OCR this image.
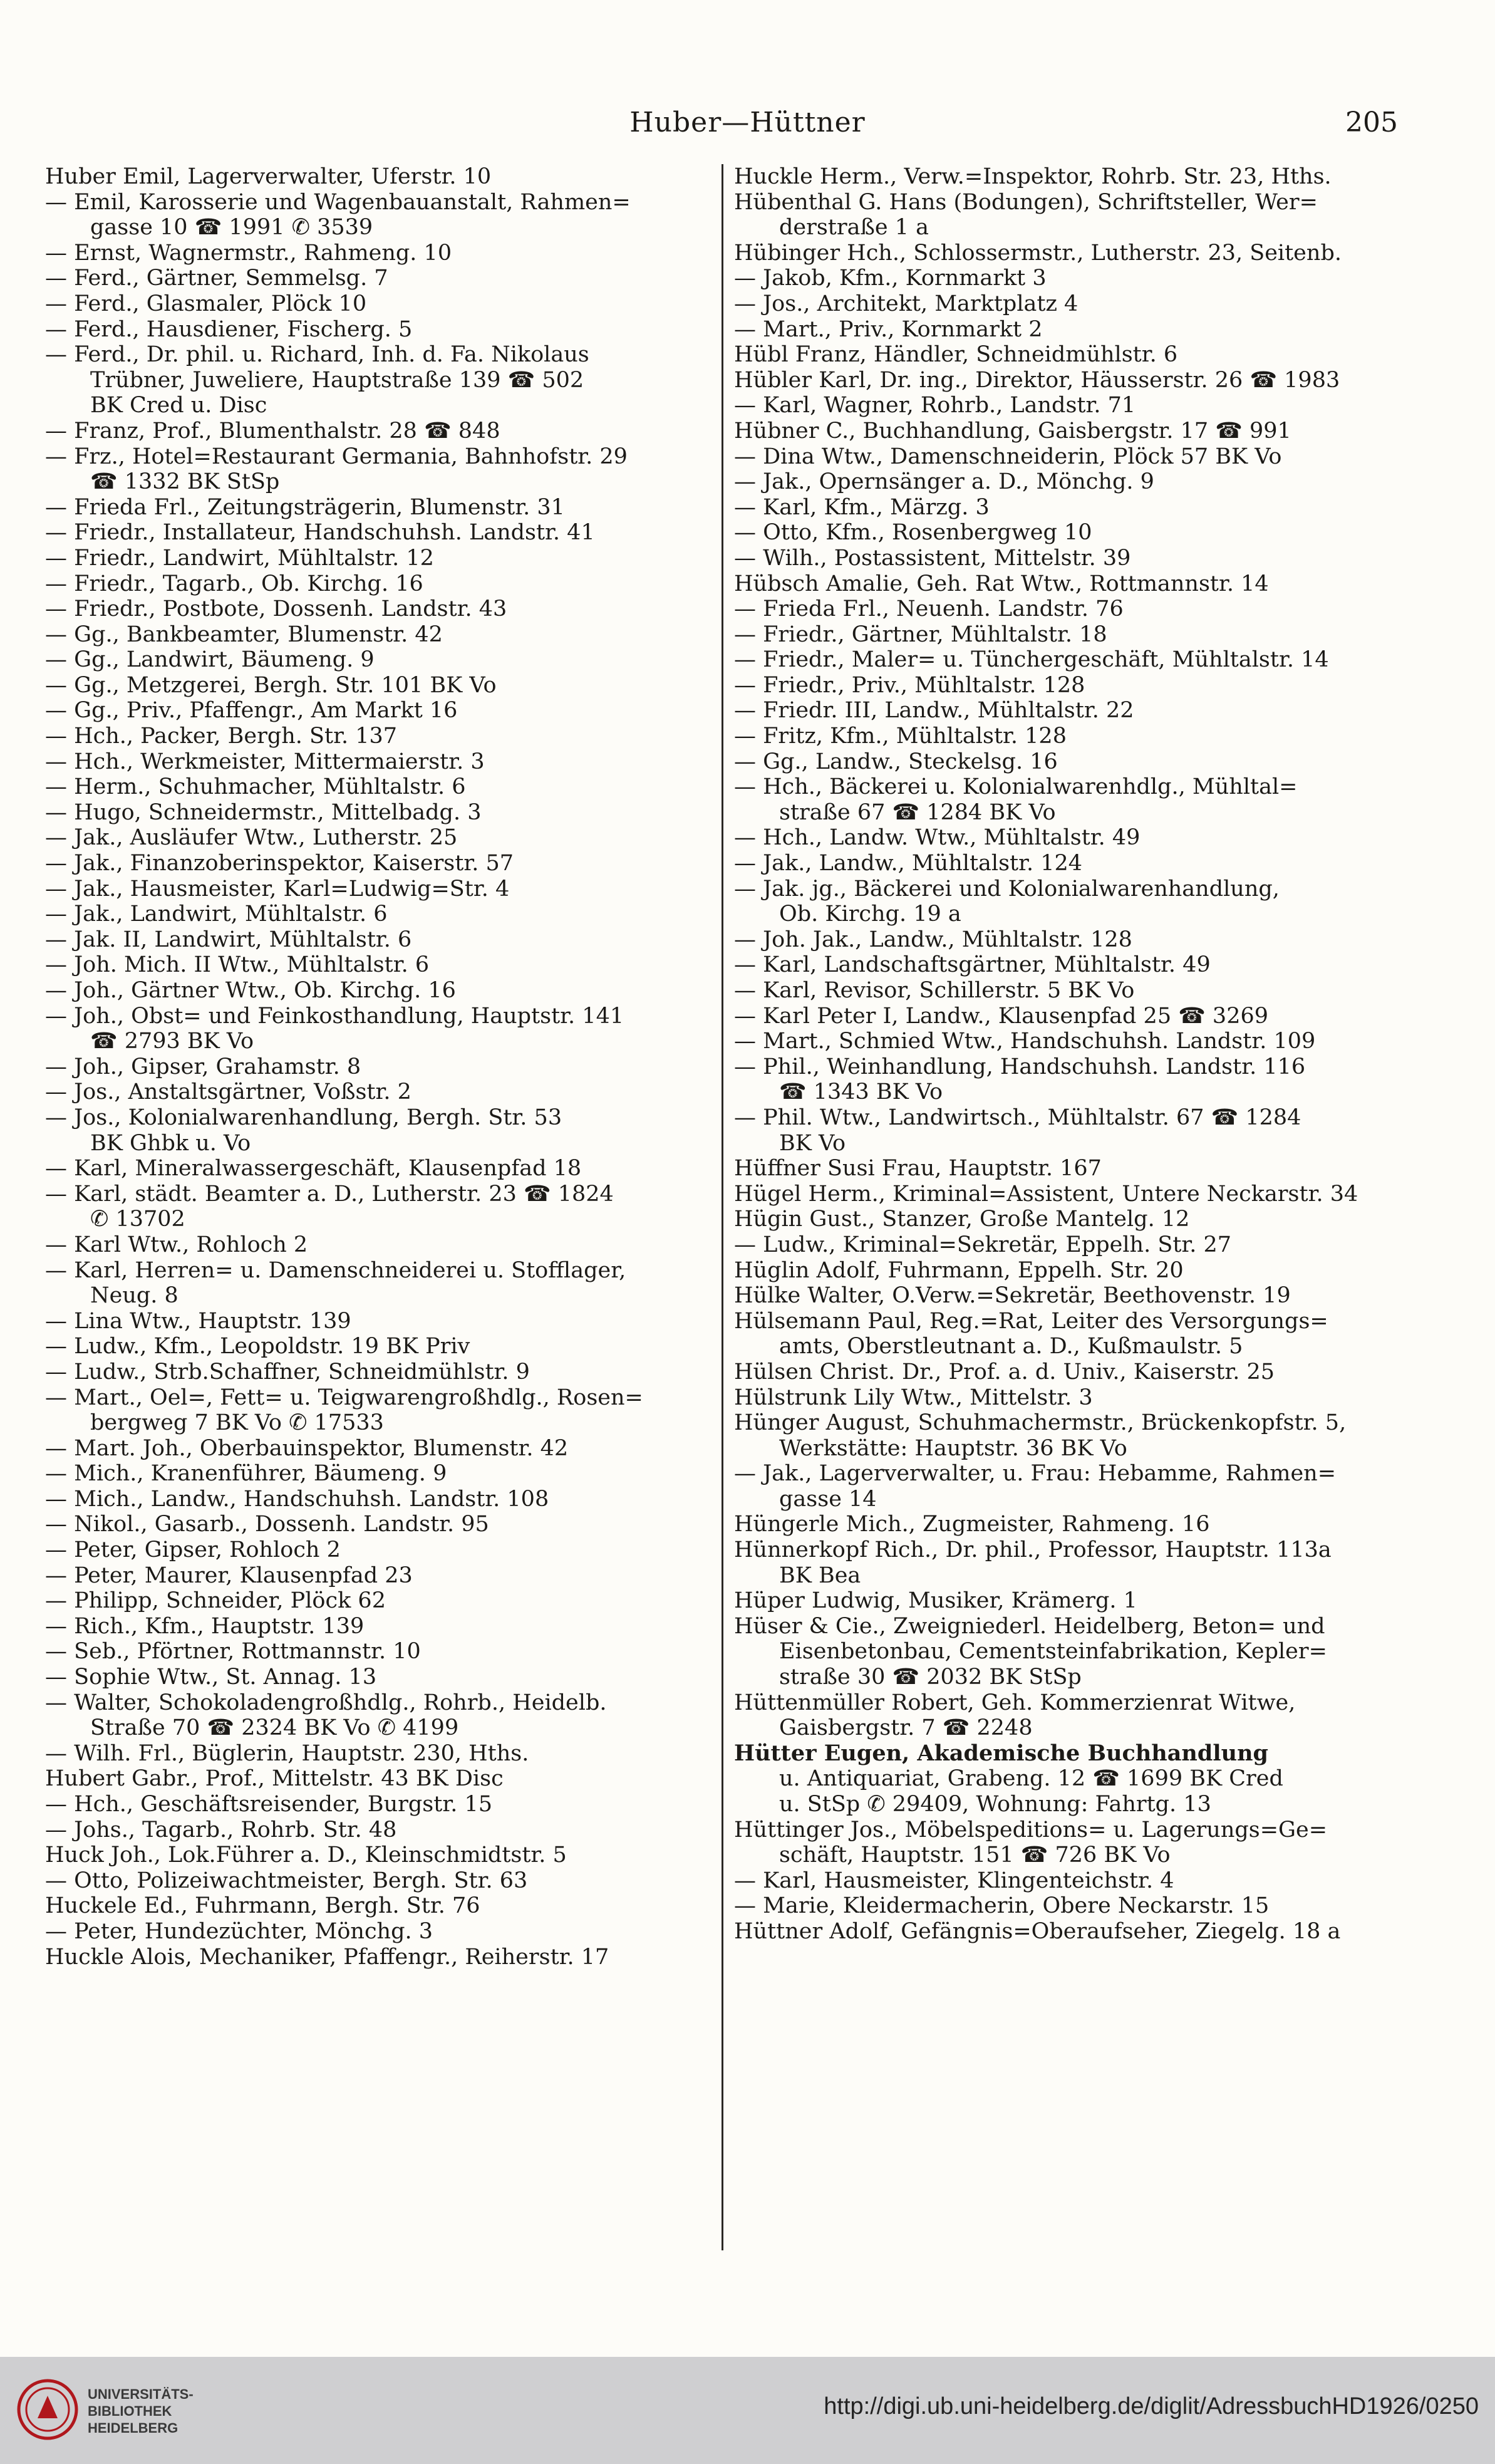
Huber—Hüttner	205
Huber Emil, Lagerverwalter, Uferstr. 10
— Emil, Karosserie und Wagenbauanstalt, Rahmen=
gasse 10 ☎ 1991 ✆ 3539
— Ernst, Wagnermstr., Rahmeng. 10
— Ferd., Gärtner, Semmelsg. 7
— Ferd., Glasmaler, Plöck 10
— Ferd., Hausdiener, Fischerg. 5
— Ferd., Dr. phil. u. Richard, Inh. d. Fa. Nikolaus
Trübner, Juweliere, Hauptstraße 139 ☎ 502
BK Cred u. Disc
— Franz, Prof., Blumenthalstr. 28 ☎ 848
— Frz., Hotel=Restaurant Germania, Bahnhofstr. 29
☎ 1332 BK StSp
— Frieda Frl., Zeitungsträgerin, Blumenstr. 31
— Friedr., Installateur, Handschuhsh. Landstr. 41
— Friedr., Landwirt, Mühltalstr. 12
— Friedr., Tagarb., Ob. Kirchg. 16
— Friedr., Postbote, Dossenh. Landstr. 43
— Gg., Bankbeamter, Blumenstr. 42
— Gg., Landwirt, Bäumeng. 9
— Gg., Metzgerei, Bergh. Str. 101 BK Vo
— Gg., Priv., Pfaffengr., Am Markt 16
— Hch., Packer, Bergh. Str. 137
— Hch., Werkmeister, Mittermaierstr. 3
— Herm., Schuhmacher, Mühltalstr. 6
— Hugo, Schneidermstr., Mittelbadg. 3
— Jak., Ausläufer Wtw., Lutherstr. 25
— Jak., Finanzoberinspektor, Kaiserstr. 57
— Jak., Hausmeister, Karl=Ludwig=Str. 4
— Jak., Landwirt, Mühltalstr. 6
— Jak. II, Landwirt, Mühltalstr. 6
— Joh. Mich. II Wtw., Mühltalstr. 6
— Joh., Gärtner Wtw., Ob. Kirchg. 16
— Joh., Obst= und Feinkosthandlung, Hauptstr. 141
☎ 2793 BK Vo
— Joh., Gipser, Grahamstr. 8
— Jos., Anstaltsgärtner, Voßstr. 2
— Jos., Kolonialwarenhandlung, Bergh. Str. 53
BK Ghbk u. Vo
— Karl, Mineralwassergeschäft, Klausenpfad 18
— Karl, städt. Beamter a. D., Lutherstr. 23 ☎ 1824
✆ 13702
— Karl Wtw., Rohloch 2
— Karl, Herren= u. Damenschneiderei u. Stofflager,
Neug. 8
— Lina Wtw., Hauptstr. 139
— Ludw., Kfm., Leopoldstr. 19 BK Priv
— Ludw., Strb.Schaffner, Schneidmühlstr. 9
— Mart., Oel=, Fett= u. Teigwarengroßhdlg., Rosen=
bergweg 7 BK Vo ✆ 17533
— Mart. Joh., Oberbauinspektor, Blumenstr. 42
— Mich., Kranenführer, Bäumeng. 9
— Mich., Landw., Handschuhsh. Landstr. 108
— Nikol., Gasarb., Dossenh. Landstr. 95
— Peter, Gipser, Rohloch 2
— Peter, Maurer, Klausenpfad 23
— Philipp, Schneider, Plöck 62
— Rich., Kfm., Hauptstr. 139
— Seb., Pförtner, Rottmannstr. 10
— Sophie Wtw., St. Annag. 13
— Walter, Schokoladengroßhdlg., Rohrb., Heidelb.
Straße 70 ☎ 2324 BK Vo ✆ 4199
— Wilh. Frl., Büglerin, Hauptstr. 230, Hths.
Hubert Gabr., Prof., Mittelstr. 43 BK Disc
— Hch., Geschäftsreisender, Burgstr. 15
— Johs., Tagarb., Rohrb. Str. 48
Huck Joh., Lok.Führer a. D., Kleinschmidtstr. 5
— Otto, Polizeiwachtmeister, Bergh. Str. 63
Huckele Ed., Fuhrmann, Bergh. Str. 76
— Peter, Hundezüchter, Mönchg. 3
Huckle Alois, Mechaniker, Pfaffengr., Reiherstr. 17
Huckle Herm., Verw.=Inspektor, Rohrb. Str. 23, Hths.
Hübenthal G. Hans (Bodungen), Schriftsteller, Wer=
derstraße 1 a
Hübinger Hch., Schlossermstr., Lutherstr. 23, Seitenb.
— Jakob, Kfm., Kornmarkt 3
— Jos., Architekt, Marktplatz 4
— Mart., Priv., Kornmarkt 2
Hübl Franz, Händler, Schneidmühlstr. 6
Hübler Karl, Dr. ing., Direktor, Häusserstr. 26 ☎ 1983
— Karl, Wagner, Rohrb., Landstr. 71
Hübner C., Buchhandlung, Gaisbergstr. 17 ☎ 991
— Dina Wtw., Damenschneiderin, Plöck 57 BK Vo
— Jak., Opernsänger a. D., Mönchg. 9
— Karl, Kfm., Märzg. 3
— Otto, Kfm., Rosenbergweg 10
— Wilh., Postassistent, Mittelstr. 39
Hübsch Amalie, Geh. Rat Wtw., Rottmannstr. 14
— Frieda Frl., Neuenh. Landstr. 76
— Friedr., Gärtner, Mühltalstr. 18
— Friedr., Maler= u. Tünchergeschäft, Mühltalstr. 14
— Friedr., Priv., Mühltalstr. 128
— Friedr. III, Landw., Mühltalstr. 22
— Fritz, Kfm., Mühltalstr. 128
— Gg., Landw., Steckelsg. 16
— Hch., Bäckerei u. Kolonialwarenhdlg., Mühltal=
straße 67 ☎ 1284 BK Vo
— Hch., Landw. Wtw., Mühltalstr. 49
— Jak., Landw., Mühltalstr. 124
— Jak. jg., Bäckerei und Kolonialwarenhandlung,
Ob. Kirchg. 19 a
— Joh. Jak., Landw., Mühltalstr. 128
— Karl, Landschaftsgärtner, Mühltalstr. 49
— Karl, Revisor, Schillerstr. 5 BK Vo
— Karl Peter I, Landw., Klausenpfad 25 ☎ 3269
— Mart., Schmied Wtw., Handschuhsh. Landstr. 109
— Phil., Weinhandlung, Handschuhsh. Landstr. 116
☎ 1343 BK Vo
— Phil. Wtw., Landwirtsch., Mühltalstr. 67 ☎ 1284
BK Vo
Hüffner Susi Frau, Hauptstr. 167
Hügel Herm., Kriminal=Assistent, Untere Neckarstr. 34
Hügin Gust., Stanzer, Große Mantelg. 12
— Ludw., Kriminal=Sekretär, Eppelh. Str. 27
Hüglin Adolf, Fuhrmann, Eppelh. Str. 20
Hülke Walter, O.Verw.=Sekretär, Beethovenstr. 19
Hülsemann Paul, Reg.=Rat, Leiter des Versorgungs=
amts, Oberstleutnant a. D., Kußmaulstr. 5
Hülsen Christ. Dr., Prof. a. d. Univ., Kaiserstr. 25
Hülstrunk Lily Wtw., Mittelstr. 3
Hünger August, Schuhmachermstr., Brückenkopfstr. 5,
Werkstätte: Hauptstr. 36 BK Vo
— Jak., Lagerverwalter, u. Frau: Hebamme, Rahmen=
gasse 14
Hüngerle Mich., Zugmeister, Rahmeng. 16
Hünnerkopf Rich., Dr. phil., Professor, Hauptstr. 113a
BK Bea
Hüper Ludwig, Musiker, Krämerg. 1
Hüser & Cie., Zweigniederl. Heidelberg, Beton= und
Eisenbetonbau, Cementsteinfabrikation, Kepler=
straße 30 ☎ 2032 BK StSp
Hüttenmüller Robert, Geh. Kommerzienrat Witwe,
Gaisbergstr. 7 ☎ 2248
Hütter Eugen, Akademische Buchhandlung
u. Antiquariat, Grabeng. 12 ☎ 1699 BK Cred
u. StSp ✆ 29409, Wohnung: Fahrtg. 13
Hüttinger Jos., Möbelspeditions= u. Lagerungs=Ge=
schäft, Hauptstr. 151 ☎ 726 BK Vo
— Karl, Hausmeister, Klingenteichstr. 4
— Marie, Kleidermacherin, Obere Neckarstr. 15
Hüttner Adolf, Gefängnis=Oberaufseher, Ziegelg. 18 a
UNIVERSITÄTS-
BIBLIOTHEK
HEIDELBERG
http://digi.ub.uni-heidelberg.de/diglit/AdressbuchHD1926/0250
